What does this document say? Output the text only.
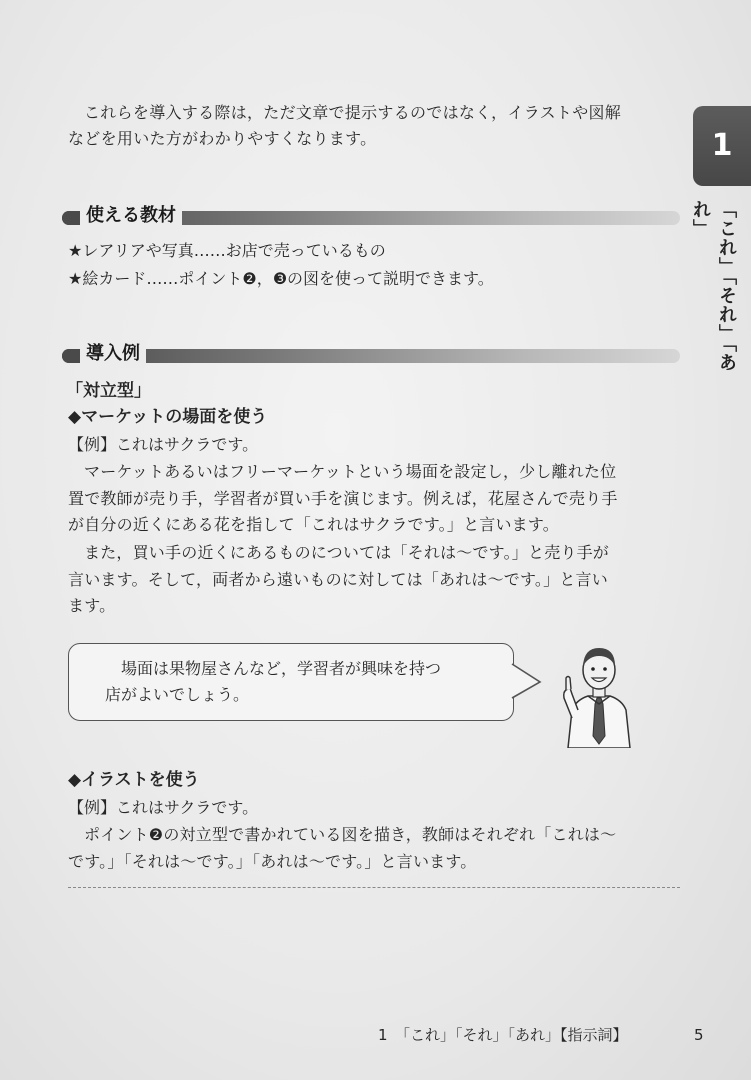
これらを導入する際は，ただ文章で提示するのではなく，イラストや図解

などを用いた方がわかりやすくなります。

使える教材
★レアリアや写真……お店で売っているもの
★絵カード……ポイント❷，❸の図を使って説明できます。
導入例
「対立型」
◆マーケットの場面を使う
【例】これはサクラです。

マーケットあるいはフリーマーケットという場面を設定し，少し離れた位

置で教師が売り手，学習者が買い手を演じます。例えば，花屋さんで売り手

が自分の近くにある花を指して「これはサクラです。」と言います。

また，買い手の近くにあるものについては「それは～です。」と売り手が

言います。そして，両者から遠いものに対しては「あれは～です。」と言い

ます。

場面は果物屋さんなど，学習者が興味を持つ

店がよいでしょう。

◆イラストを使う
【例】これはサクラです。

ポイント❷の対立型で書かれている図を描き，教師はそれぞれ「これは～

です。」「それは～です。」「あれは～です。」と言います。

1
「これ」「それ」「あれ」
1　「これ」「それ」「あれ」【指示詞】	5
